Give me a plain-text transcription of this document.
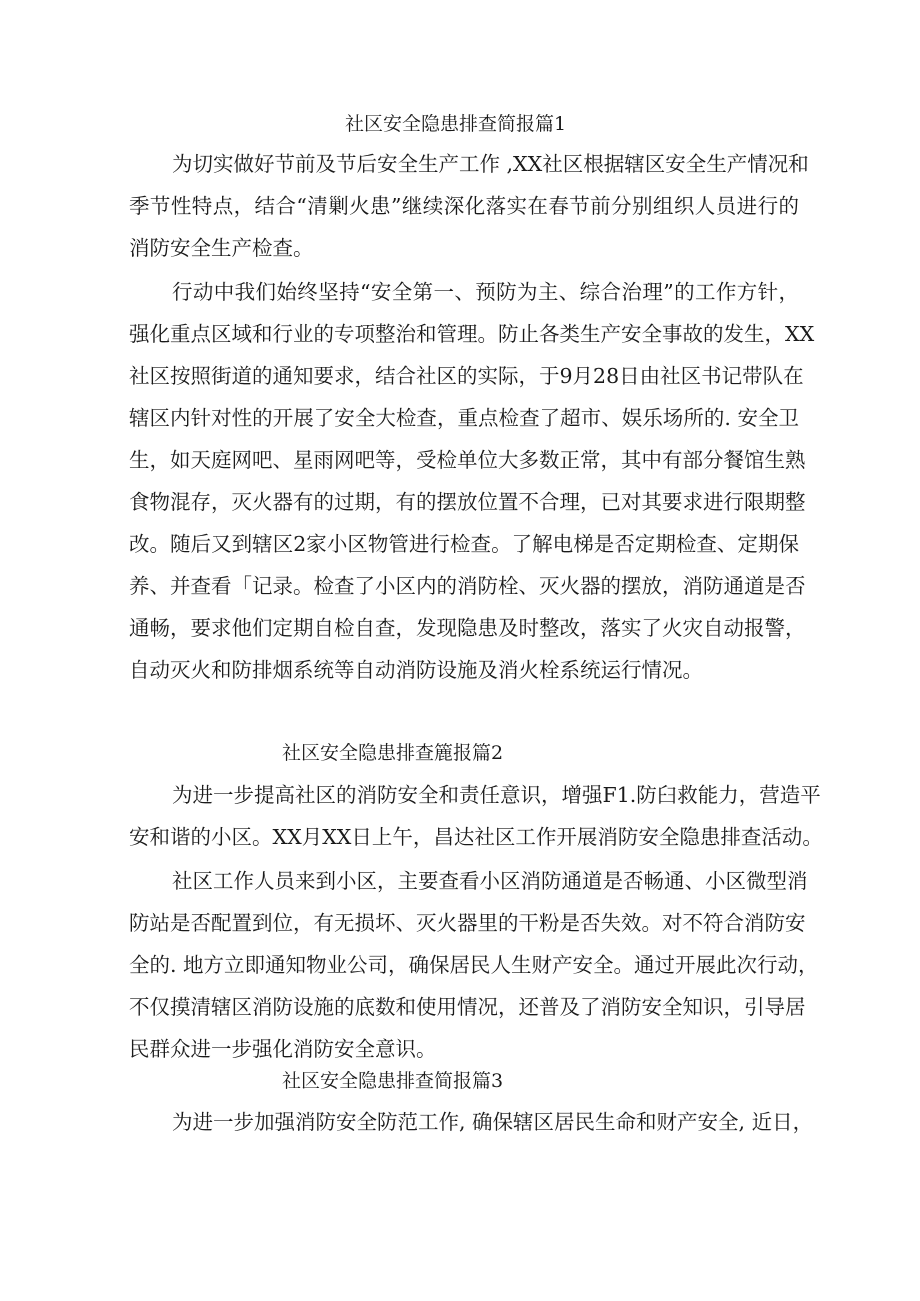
社区安全隐患排查简报篇1

为切实做好节前及节后安全生产工作 ,XX社区根据辖区安全生产情况和

季节性特点，结合“清剿火患”继续深化落实在春节前分别组织人员进行的

消防安全生产检查。

行动中我们始终坚持“安全第一、预防为主、综合治理”的工作方针，

强化重点区域和行业的专项整治和管理。防止各类生产安全事故的发生，XX

社区按照街道的通知要求，结合社区的实际，于9月28日由社区书记带队在

辖区内针对性的开展了安全大检查，重点检查了超市、娱乐场所的. 安全卫

生，如天庭网吧、星雨网吧等，受检单位大多数正常，其中有部分餐馆生熟

食物混存，灭火器有的过期，有的摆放位置不合理，已对其要求进行限期整

改。随后又到辖区2家小区物管进行检查。了解电梯是否定期检查、定期保

养、并查看「记录。检查了小区内的消防栓、灭火器的摆放，消防通道是否

通畅，要求他们定期自检自查，发现隐患及时整改，落实了火灾自动报警，

自动灭火和防排烟系统等自动消防设施及消火栓系统运行情况。

社区安全隐患排查簏报篇2

为进一步提高社区的消防安全和责任意识，增强F1.防臼救能力，营造平

安和谐的小区。XX月XX日上午，昌达社区工作开展消防安全隐患排查活动。

社区工作人员来到小区，主要查看小区消防通道是否畅通、小区微型消

防站是否配置到位，有无损坏、灭火器里的干粉是否失效。对不符合消防安

全的. 地方立即通知物业公司，确保居民人生财产安全。通过开展此次行动，

不仅摸清辖区消防设施的底数和使用情况，还普及了消防安全知识，引导居

民群众进一步强化消防安全意识。

社区安全隐患排查简报篇3

为进一步加强消防安全防范工作, 确保辖区居民生命和财产安全, 近日，
